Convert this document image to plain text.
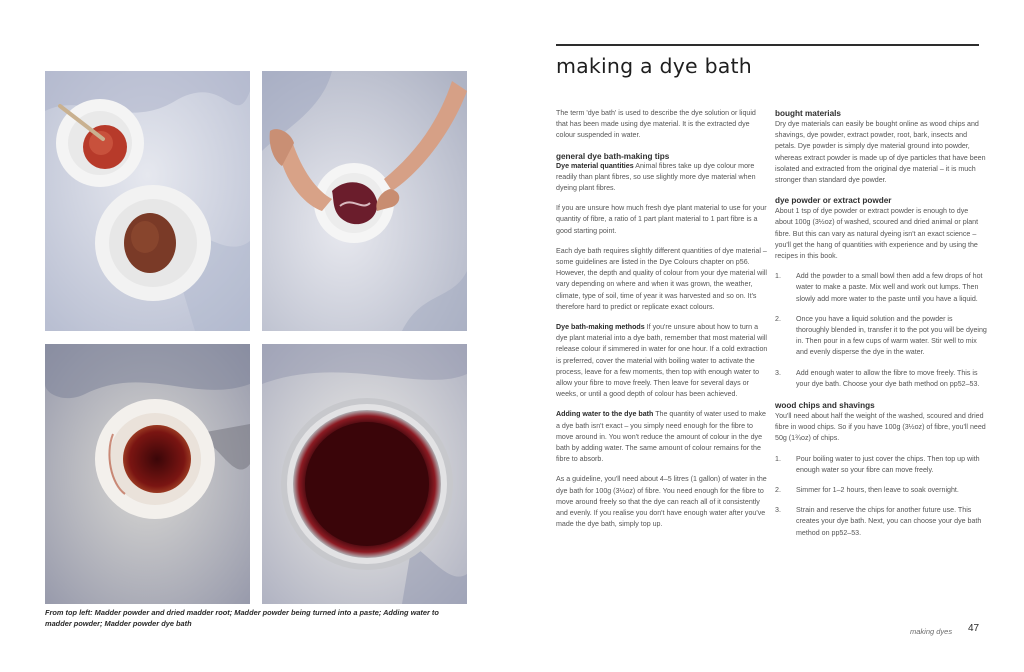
From top left: Madder powder and dried madder root; Madder powder being turned into a paste; Adding water to madder powder; Madder powder dye bath
making a dye bath

The term 'dye bath' is used to describe the dye solution or liquid that has been made using dye material. It is the extracted dye colour suspended in water.

general dye bath-making tips

Dye material quantities Animal fibres take up dye colour more readily than plant fibres, so use slightly more dye material when dyeing plant fibres.

If you are unsure how much fresh dye plant material to use for your quantity of fibre, a ratio of 1 part plant material to 1 part fibre is a good starting point.

Each dye bath requires slightly different quantities of dye material – some guidelines are listed in the Dye Colours chapter on p56. However, the depth and quality of colour from your dye material will vary depending on where and when it was grown, the weather, climate, type of soil, time of year it was harvested and so on. It's therefore hard to predict or replicate exact colours.

Dye bath-making methods If you're unsure about how to turn a dye plant material into a dye bath, remember that most material will release colour if simmered in water for one hour. If a cold extraction is preferred, cover the material with boiling water to activate the process, leave for a few moments, then top with enough water to allow your fibre to move freely. Then leave for several days or weeks, or until a good depth of colour has been achieved.

Adding water to the dye bath The quantity of water used to make a dye bath isn't exact – you simply need enough for the fibre to move around in. You won't reduce the amount of colour in the dye bath by adding water. The same amount of colour remains for the fibre to absorb.

As a guideline, you'll need about 4–5 litres (1 gallon) of water in the dye bath for 100g (3½oz) of fibre. You need enough for the fibre to move around freely so that the dye can reach all of it consistently and evenly. If you realise you don't have enough water after you've made the dye bath, simply top up.

bought materials

Dry dye materials can easily be bought online as wood chips and shavings, dye powder, extract powder, root, bark, insects and petals. Dye powder is simply dye material ground into powder, whereas extract powder is made up of dye particles that have been isolated and extracted from the original dye material – it is much stronger than standard dye powder.

dye powder or extract powder

About 1 tsp of dye powder or extract powder is enough to dye about 100g (3½oz) of washed, scoured and dried animal or plant fibre. But this can vary as natural dyeing isn't an exact science – you'll get the hang of quantities with experience and by using the recipes in this book.

1.	Add the powder to a small bowl then add a few drops of hot water to make a paste. Mix well and work out lumps. Then slowly add more water to the paste until you have a liquid.
2.	Once you have a liquid solution and the powder is thoroughly blended in, transfer it to the pot you will be dyeing in. Then pour in a few cups of warm water. Stir well to mix and evenly disperse the dye in the water.
3.	Add enough water to allow the fibre to move freely. This is your dye bath. Choose your dye bath method on pp52–53.
wood chips and shavings

You'll need about half the weight of the washed, scoured and dried fibre in wood chips. So if you have 100g (3½oz) of fibre, you'll need 50g (1¾oz) of chips.

1.	Pour boiling water to just cover the chips. Then top up with enough water so your fibre can move freely.
2.	Simmer for 1–2 hours, then leave to soak overnight.
3.	Strain and reserve the chips for another future use. This creates your dye bath. Next, you can choose your dye bath method on pp52–53.
making dyes 47
